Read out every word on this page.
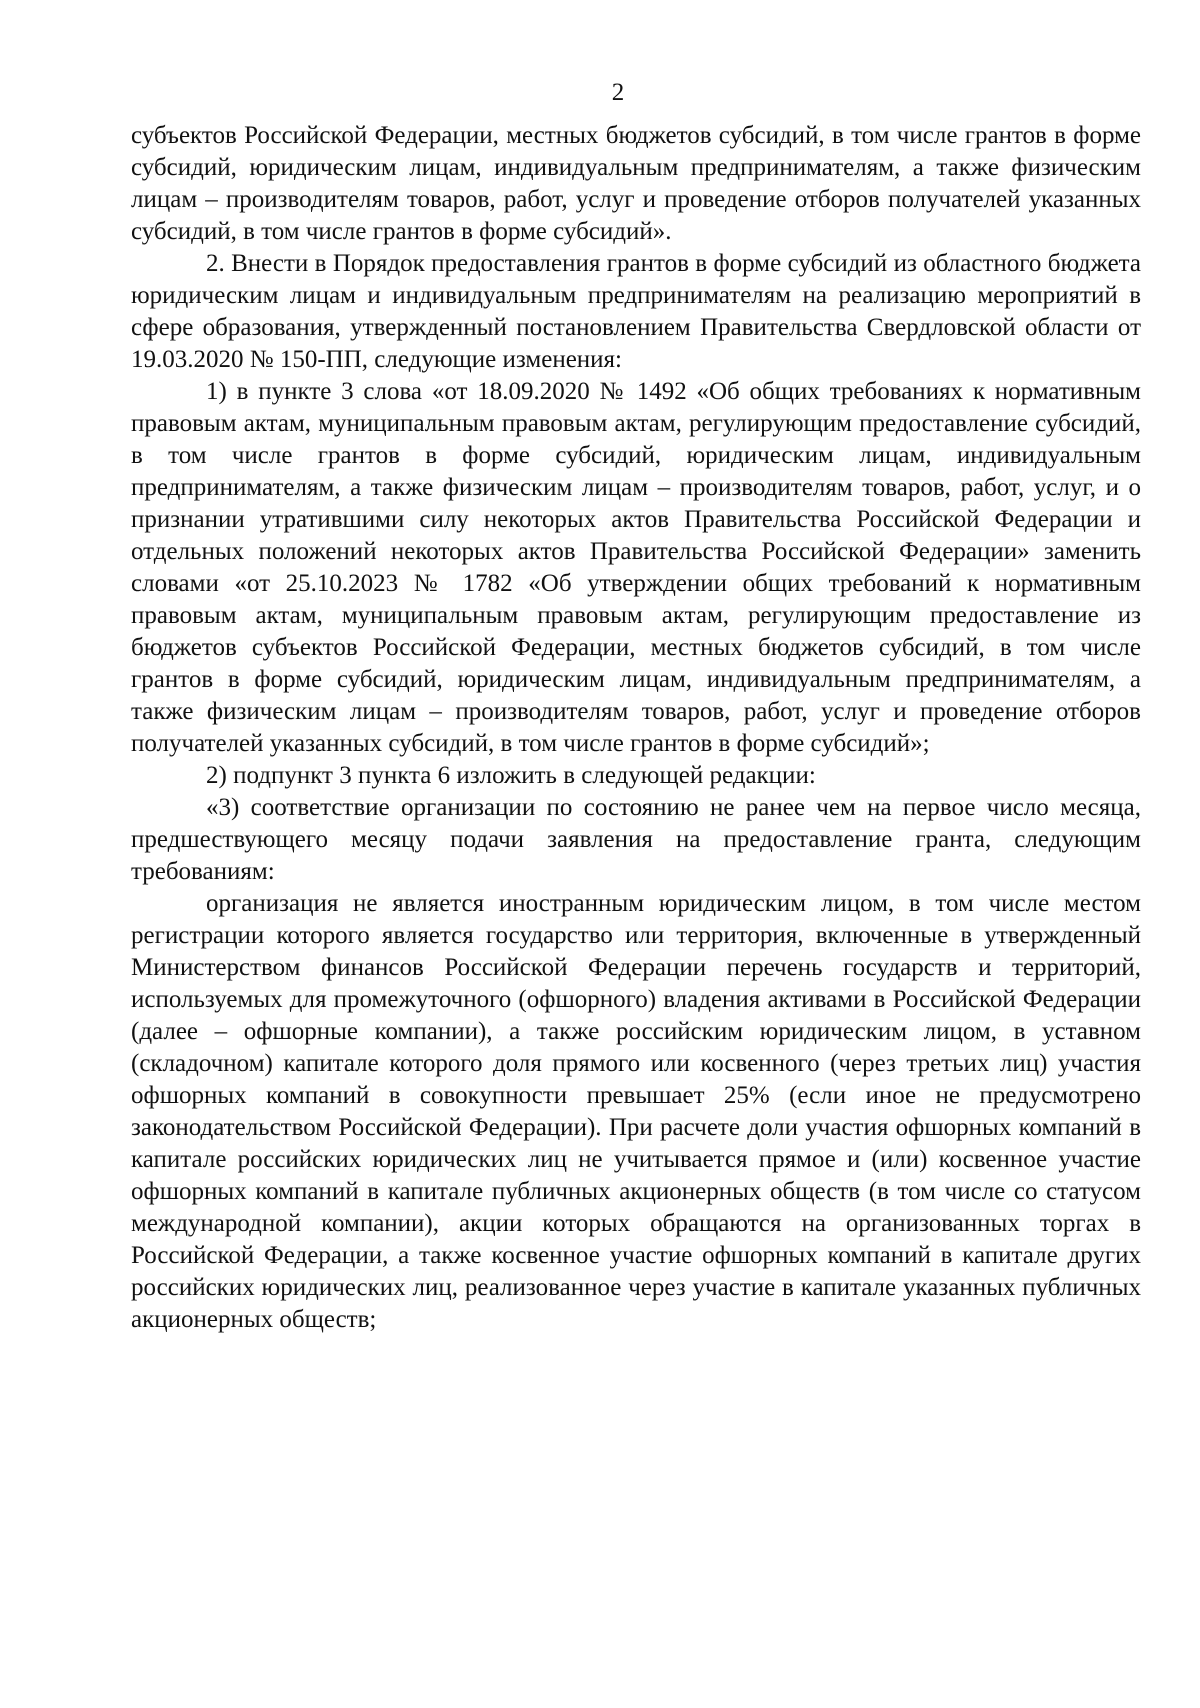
2

субъектов Российской Федерации, местных бюджетов субсидий, в том числе грантов в форме субсидий, юридическим лицам, индивидуальным предпринимателям, а также физическим лицам – производителям товаров, работ, услуг и проведение отборов получателей указанных субсидий, в том числе грантов в форме субсидий».

2. Внести в Порядок предоставления грантов в форме субсидий из областного бюджета юридическим лицам и индивидуальным предпринимателям на реализацию мероприятий в сфере образования, утвержденный постановлением Правительства Свердловской области от 19.03.2020 № 150-ПП, следующие изменения:

1) в пункте 3 слова «от 18.09.2020 № 1492 «Об общих требованиях к нормативным правовым актам, муниципальным правовым актам, регулирующим предоставление субсидий, в том числе грантов в форме субсидий, юридическим лицам, индивидуальным предпринимателям, а также физическим лицам – производителям товаров, работ, услуг, и о признании утратившими силу некоторых актов Правительства Российской Федерации и отдельных положений некоторых актов Правительства Российской Федерации» заменить словами «от 25.10.2023 № 1782 «Об утверждении общих требований к нормативным правовым актам, муниципальным правовым актам, регулирующим предоставление из бюджетов субъектов Российской Федерации, местных бюджетов субсидий, в том числе грантов в форме субсидий, юридическим лицам, индивидуальным предпринимателям, а также физическим лицам – производителям товаров, работ, услуг и проведение отборов получателей указанных субсидий, в том числе грантов в форме субсидий»;

2) подпункт 3 пункта 6 изложить в следующей редакции:

«3) соответствие организации по состоянию не ранее чем на первое число месяца, предшествующего месяцу подачи заявления на предоставление гранта, следующим требованиям:

организация не является иностранным юридическим лицом, в том числе местом регистрации которого является государство или территория, включенные в утвержденный Министерством финансов Российской Федерации перечень государств и территорий, используемых для промежуточного (офшорного) владения активами в Российской Федерации (далее – офшорные компании), а также российским юридическим лицом, в уставном (складочном) капитале которого доля прямого или косвенного (через третьих лиц) участия офшорных компаний в совокупности превышает 25% (если иное не предусмотрено законодательством Российской Федерации). При расчете доли участия офшорных компаний в капитале российских юридических лиц не учитывается прямое и (или) косвенное участие офшорных компаний в капитале публичных акционерных обществ (в том числе со статусом международной компании), акции которых обращаются на организованных торгах в Российской Федерации, а также косвенное участие офшорных компаний в капитале других российских юридических лиц, реализованное через участие в капитале указанных публичных акционерных обществ;
